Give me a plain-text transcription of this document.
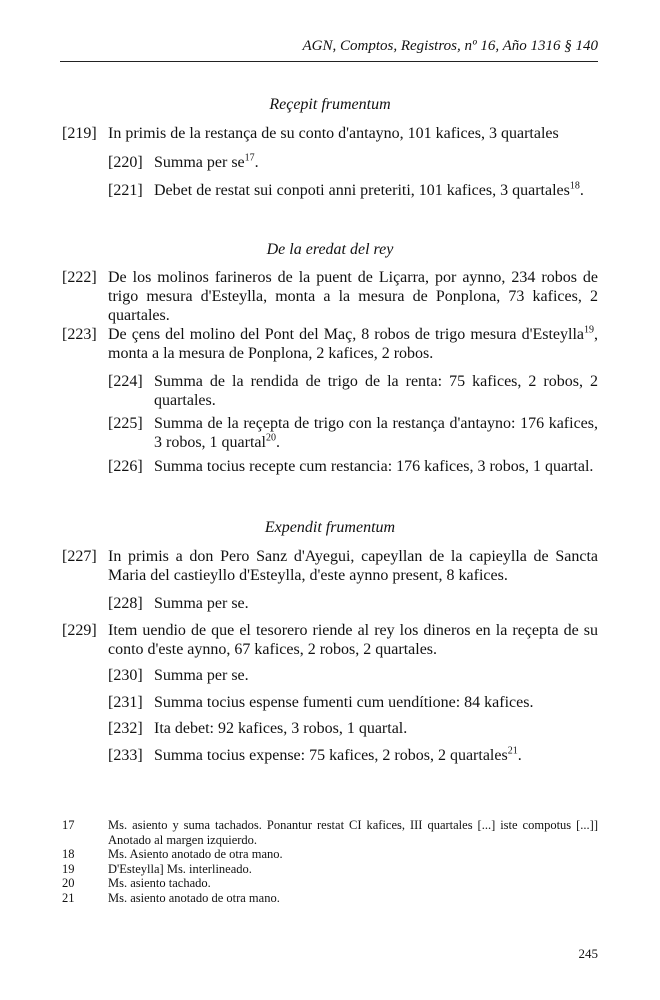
AGN, Comptos, Registros, nº 16, Año 1316 § 140
Reçepit frumentum
[219] In primis de la restança de su conto d'antayno, 101 kafices, 3 quartales
[220] Summa per $se^{17}$.
[221] Debet de restat sui conpoti anni preteriti, 101 kafices, 3 quartales$^{18}$.
De la eredat del rey
[222] De los molinos farineros de la puent de Liçarra, por aynno, 234 robos de trigo mesura d'Esteylla, monta a la mesura de Ponplona, 73 kafices, 2 quartales.
[223] De çens del molino del Pont del Maç, 8 robos de trigo mesura d'Esteylla$^{19}$, monta a la mesura de Ponplona, 2 kafices, 2 robos.
[224] Summa de la rendida de trigo de la renta: 75 kafices, 2 robos, 2 quartales.
[225] Summa de la reçepta de trigo con la restança d'antayno: 176 kafices, 3 robos, 1 quartal$^{20}$.
[226] Summa tocius recepte cum restancia: 176 kafices, 3 robos, 1 quartal.
Expendit frumentum
[227] In primis a don Pero Sanz d'Ayegui, capeyllan de la capieylla de Sancta Maria del castieyllo d'Esteylla, d'este aynno present, 8 kafices.
[228] Summa per se.
[229] Item uendio de que el tesorero riende al rey los dineros en la reçepta de su conto d'este aynno, 67 kafices, 2 robos, 2 quartales.
[230] Summa per se.
[231] Summa tocius espense fumenti cum uendítione: 84 kafices.
[232] Ita debet: 92 kafices, 3 robos, 1 quartal.
[233] Summa tocius expense: 75 kafices, 2 robos, 2 quartales$^{21}$.
17	Ms. asiento y suma tachados. Ponantur restat CI kafices, III quartales [...] iste compotus [...]] Anotado al margen izquierdo.
18	Ms. Asiento anotado de otra mano.
19	D'Esteylla] Ms. interlineado.
20	Ms. asiento tachado.
21	Ms. asiento anotado de otra mano.
245
